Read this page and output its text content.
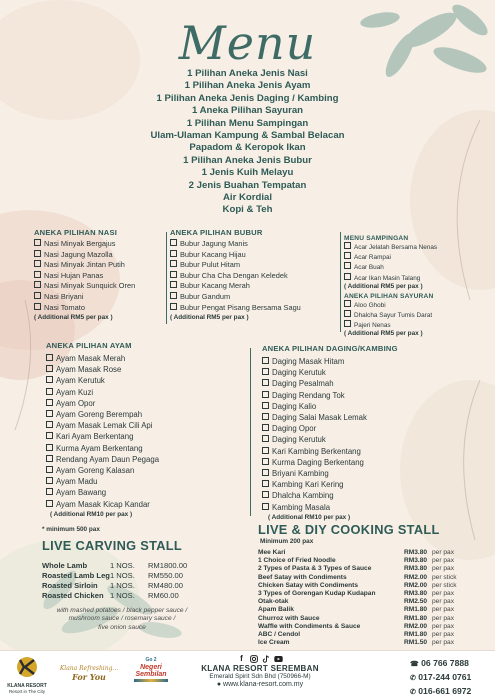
Menu
1 Pilihan Aneka Jenis Nasi
1 Pilihan Aneka Jenis Ayam
1 Pilihan Aneka Jenis Daging / Kambing
1 Aneka Pilihan Sayuran
1 Pilihan Menu Sampingan
Ulam-Ulaman Kampung & Sambal Belacan
Papadom & Keropok Ikan
1 Pilihan Aneka Jenis Bubur
1 Jenis Kuih Melayu
2 Jenis Buahan Tempatan
Air Kordial
Kopi & Teh
ANEKA PILIHAN NASI
Nasi Minyak Bergajus
Nasi Jagung Mazolla
Nasi Minyak Jintan Putih
Nasi Hujan Panas
Nasi Minyak Sunquick Oren
Nasi Briyani
Nasi Tomato
( Additional RM5 per pax )
ANEKA PILIHAN BUBUR
Bubur Jagung Manis
Bubur Kacang Hijau
Bubur Pulut Hitam
Bubur Cha Cha Dengan Keledek
Bubur Kacang Merah
Bubur Gandum
Bubur Pengat Pisang Bersama Sagu
( Additional RM5 per pax )
MENU SAMPINGAN
Acar Jelatah Bersama Nenas
Acar Rampai
Acar Buah
Acar Ikan Masin Talang
( Additional RM5 per pax )
ANEKA PILIHAN SAYURAN
Aloo Ghobi
Dhalcha Sayur Tumis Darat
Pajeri Nenas
( Additional RM5 per pax )
ANEKA PILIHAN AYAM
Ayam Masak Merah
Ayam Masak Rose
Ayam Kerutuk
Ayam Kuzi
Ayam Opor
Ayam Goreng Berempah
Ayam Masak Lemak Cili Api
Kari Ayam Berkentang
Kurma Ayam Berkentang
Rendang Ayam Daun Pegaga
Ayam Goreng Kalasan
Ayam Madu
Ayam Bawang
Ayam Masak Kicap Kandar
( Additional RM10 per pax )
* minimum 500 pax
ANEKA PILIHAN DAGING/KAMBING
Daging Masak Hitam
Daging Kerutuk
Daging Pesalmah
Daging Rendang Tok
Daging Kalio
Daging Salai Masak Lemak
Daging Opor
Daging Kerutuk
Kari Kambing Berkentang
Kurma Daging Berkentang
Briyani Kambing
Kambing Kari Kering
Dhalcha Kambing
Kambing Masala
( Additional RM10 per pax )
LIVE CARVING STALL
Whole Lamb	1 NOS.	RM1800.00
Roasted Lamb Leg	1 NOS.	RM550.00
Roasted Sirloin	1 NOS.	RM480.00
Roasted Chicken	1 NOS.	RM60.00
with mashed potatoes / black pepper sauce /
mushroom sauce / rosemary sauce /
five onion sauce
LIVE & DIY COOKING STALL
Minimum 200 pax
Mee Kari	RM3.80	per pax
1 Choice of Fried Noodle	RM3.80	per pax
2 Types of Pasta & 3 Types of Sauce	RM3.80	per pax
Beef Satay with Condiments	RM2.00	per stick
Chicken Satay with Condiments	RM2.00	per stick
3 Types of Gorengan Kudap Kudapan	RM3.80	per pax
Otak-otak	RM2.50	per pax
Apam Balik	RM1.80	per pax
Churroz with Sauce	RM1.80	per pax
Waffle with Condiments & Sauce	RM2.00	per pax
ABC / Cendol	RM1.80	per pax
Ice Cream	RM1.50	per pax
KLANA RESORT
Resort in The City
Klana Refreshing...
For You
Go 2
Negeri
Sembilan
f
KLANA RESORT SEREMBAN
Emerald Spirit Sdn Bhd (750966-M)
● www.klana-resort.com.my
☎ 06 766 7888
✆ 017-244 0761
✆ 016-661 6972
